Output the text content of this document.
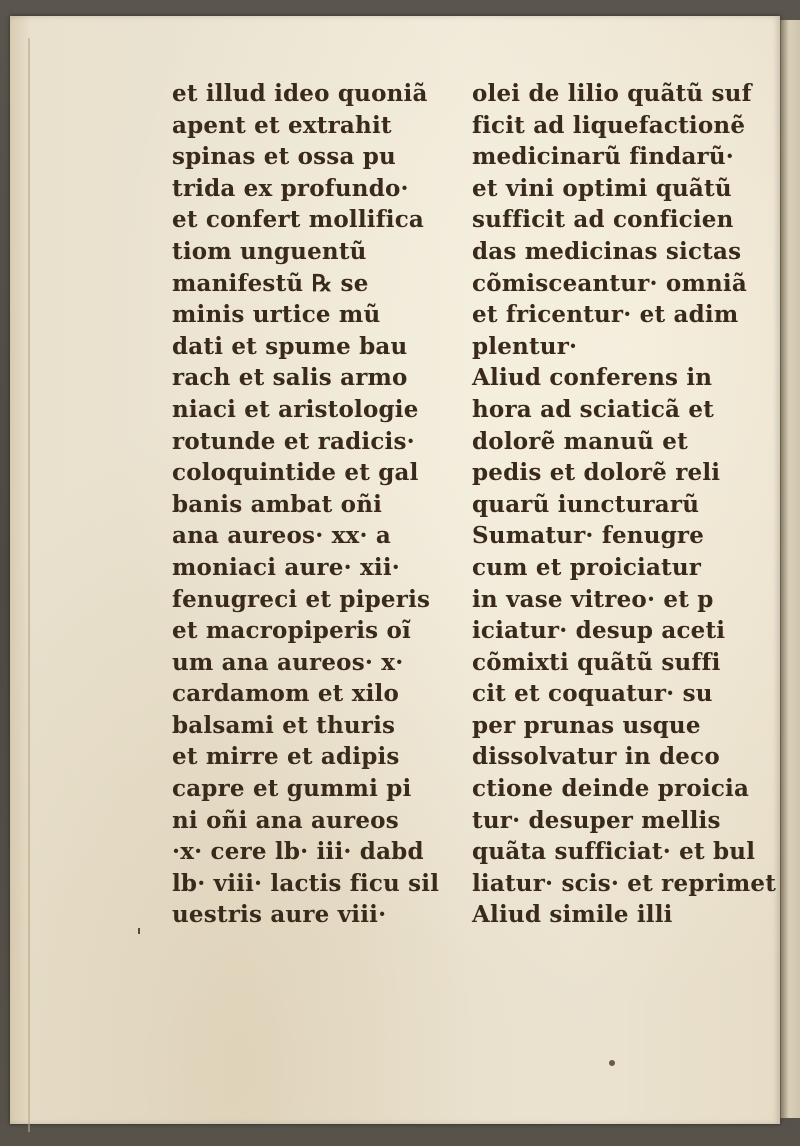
et illud ideo quoniã
apent et extrahit
spinas et ossa pu
trida ex profundo·
et confert mollifica
tiom unguentũ
manifestũ ℞ se
minis urtice mũ
dati et spume bau
rach et salis armo
niaci et aristologie
rotunde et radicis·
coloquintide et gal
banis ambat oñi
ana aureos· xx· a
moniaci aure· xii·
fenugreci et piperis
et macropiperis oĩ
um ana aureos· x·
cardamom et xilo
balsami et thuris
et mirre et adipis
capre et gummi pi
ni oñi ana aureos
·x· cere lb· iii· dabd
lb· viii· lactis ficu sil
uestris aure viii·
olei de lilio quãtũ suf
ficit ad liquefactionẽ
medicinarũ findarũ·
et vini optimi quãtũ
sufficit ad conficien
das medicinas sictas
cõmisceantur· omniã
et fricentur· et adim
plentur·
Aliud conferens in
hora ad sciaticã et
dolorẽ manuũ et
pedis et dolorẽ reli
quarũ iuncturarũ
Sumatur· fenugre
cum et proiciatur
in vase vitreo· et p
iciatur· desup aceti
cõmixti quãtũ suffi
cit et coquatur· su
per prunas usque
dissolvatur in deco
ctione deinde proicia
tur· desuper mellis
quãta sufficiat· et bul
liatur· scis· et reprimet
Aliud simile illi
